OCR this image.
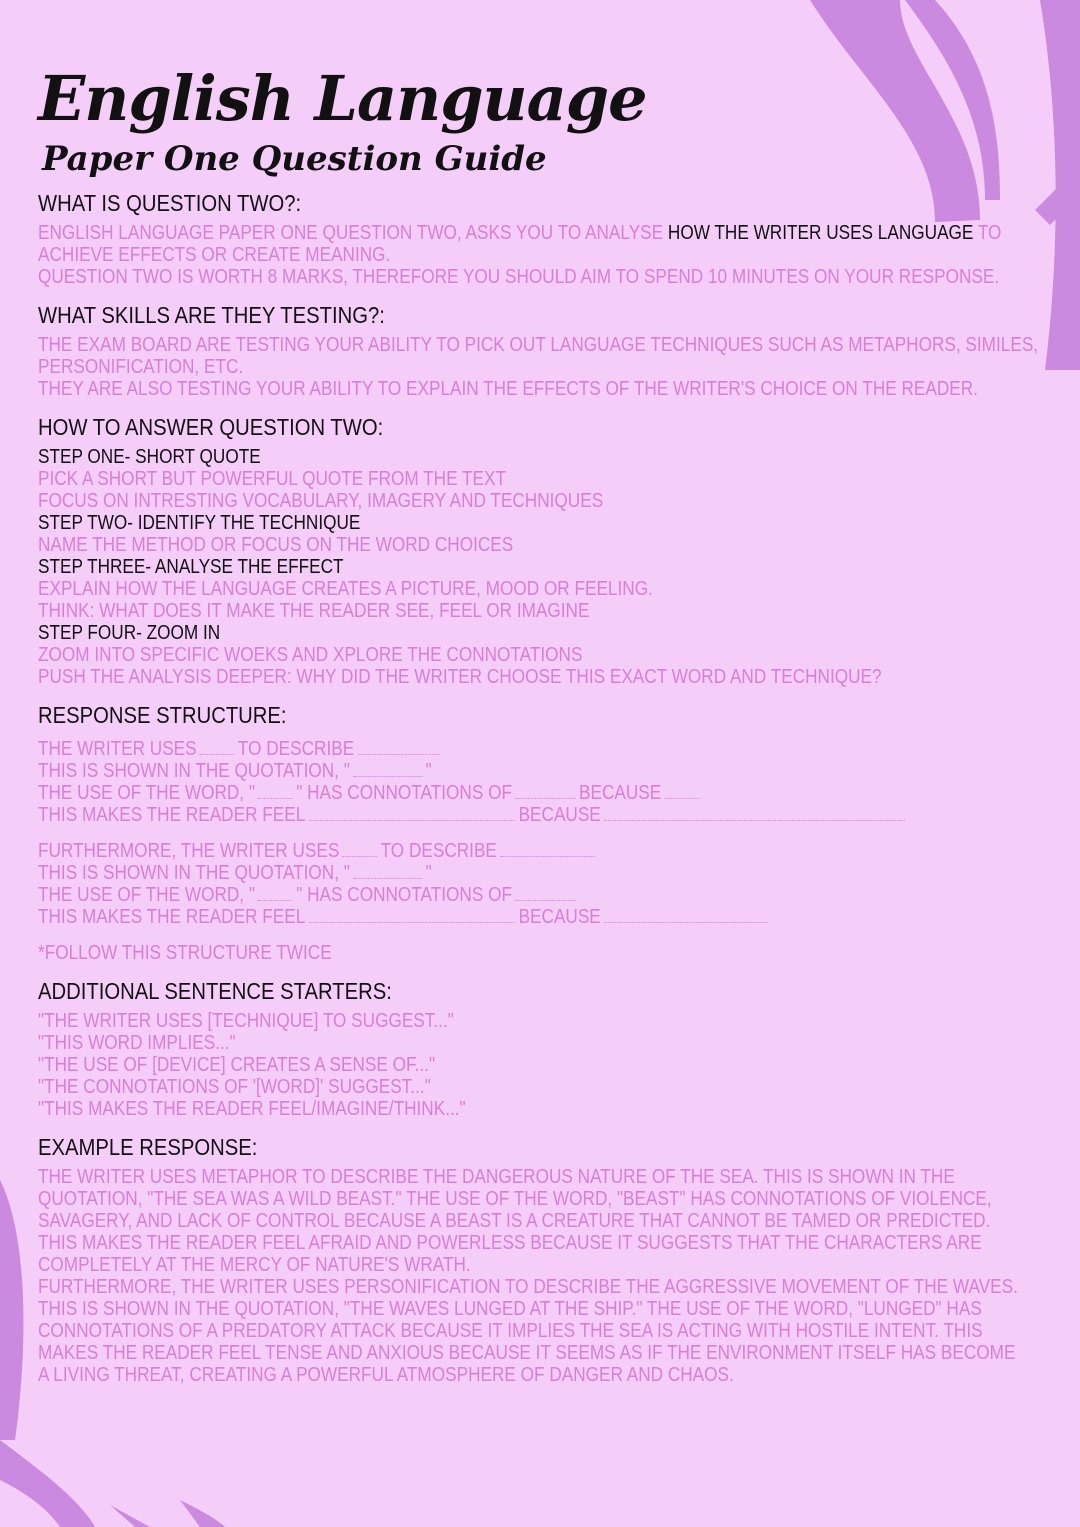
English Language
Paper One Question Guide
WHAT IS QUESTION TWO?:
ENGLISH LANGUAGE PAPER ONE QUESTION TWO, ASKS YOU TO ANALYSE HOW THE WRITER USES LANGUAGE TO
ACHIEVE EFFECTS OR CREATE MEANING.
QUESTION TWO IS WORTH 8 MARKS, THEREFORE YOU SHOULD AIM TO SPEND 10 MINUTES ON YOUR RESPONSE.
WHAT SKILLS ARE THEY TESTING?:
THE EXAM BOARD ARE TESTING YOUR ABILITY TO PICK OUT LANGUAGE TECHNIQUES SUCH AS METAPHORS, SIMILES,
PERSONIFICATION, ETC.
THEY ARE ALSO TESTING YOUR ABILITY TO EXPLAIN THE EFFECTS OF THE WRITER'S CHOICE ON THE READER.
HOW TO ANSWER QUESTION TWO:
STEP ONE- SHORT QUOTE
PICK A SHORT BUT POWERFUL QUOTE FROM THE TEXT
FOCUS ON INTRESTING VOCABULARY, IMAGERY AND TECHNIQUES
STEP TWO- IDENTIFY THE TECHNIQUE
NAME THE METHOD OR FOCUS ON THE WORD CHOICES
STEP THREE- ANALYSE THE EFFECT
EXPLAIN HOW THE LANGUAGE CREATES A PICTURE, MOOD OR FEELING.
THINK: WHAT DOES IT MAKE THE READER SEE, FEEL OR IMAGINE
STEP FOUR- ZOOM IN
ZOOM INTO SPECIFIC WOEKS AND XPLORE THE CONNOTATIONS
PUSH THE ANALYSIS DEEPER: WHY DID THE WRITER CHOOSE THIS EXACT WORD AND TECHNIQUE?
RESPONSE STRUCTURE:
THE WRITER USES TO DESCRIBE
THIS IS SHOWN IN THE QUOTATION, "	"
THE USE OF THE WORD, " " HAS CONNOTATIONS OF	BECAUSE
THIS MAKES THE READER FEEL	BECAUSE
FURTHERMORE, THE WRITER USES TO DESCRIBE
THIS IS SHOWN IN THE QUOTATION, "	"
THE USE OF THE WORD, " " HAS CONNOTATIONS OF
THIS MAKES THE READER FEEL	BECAUSE
*FOLLOW THIS STRUCTURE TWICE
ADDITIONAL SENTENCE STARTERS:
"THE WRITER USES [TECHNIQUE] TO SUGGEST..."
"THIS WORD IMPLIES..."
"THE USE OF [DEVICE] CREATES A SENSE OF..."
"THE CONNOTATIONS OF '[WORD]' SUGGEST..."
"THIS MAKES THE READER FEEL/IMAGINE/THINK..."
EXAMPLE RESPONSE:
THE WRITER USES METAPHOR TO DESCRIBE THE DANGEROUS NATURE OF THE SEA. THIS IS SHOWN IN THE QUOTATION, "THE SEA WAS A WILD BEAST." THE USE OF THE WORD, "BEAST" HAS CONNOTATIONS OF VIOLENCE, SAVAGERY, AND LACK OF CONTROL BECAUSE A BEAST IS A CREATURE THAT CANNOT BE TAMED OR PREDICTED. THIS MAKES THE READER FEEL AFRAID AND POWERLESS BECAUSE IT SUGGESTS THAT THE CHARACTERS ARE COMPLETELY AT THE MERCY OF NATURE'S WRATH.
FURTHERMORE, THE WRITER USES PERSONIFICATION TO DESCRIBE THE AGGRESSIVE MOVEMENT OF THE WAVES. THIS IS SHOWN IN THE QUOTATION, "THE WAVES LUNGED AT THE SHIP." THE USE OF THE WORD, "LUNGED" HAS CONNOTATIONS OF A PREDATORY ATTACK BECAUSE IT IMPLIES THE SEA IS ACTING WITH HOSTILE INTENT. THIS MAKES THE READER FEEL TENSE AND ANXIOUS BECAUSE IT SEEMS AS IF THE ENVIRONMENT ITSELF HAS BECOME A LIVING THREAT, CREATING A POWERFUL ATMOSPHERE OF DANGER AND CHAOS.
